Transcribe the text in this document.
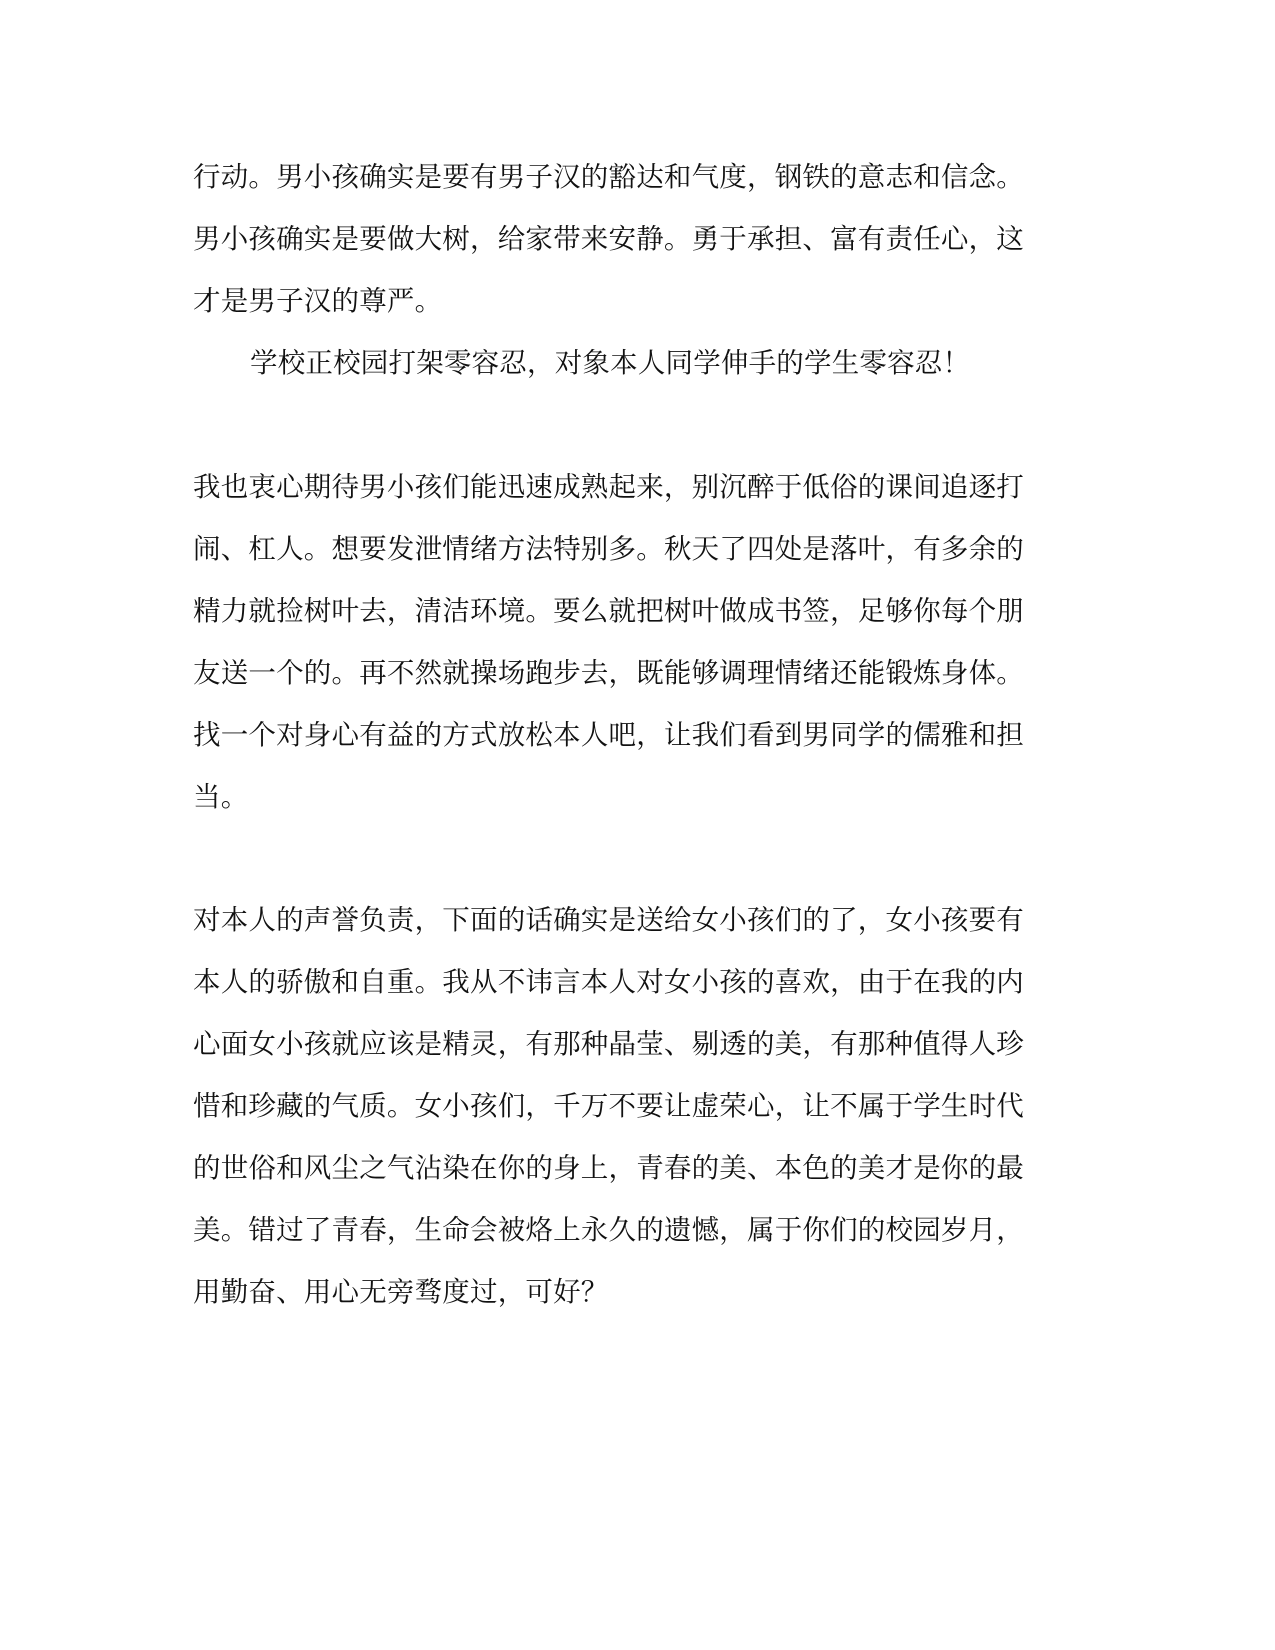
行动。男小孩确实是要有男子汉的豁达和气度，钢铁的意志和信念。
男小孩确实是要做大树，给家带来安静。勇于承担、富有责任心，这
才是男子汉的尊严。
学校正校园打架零容忍，对象本人同学伸手的学生零容忍！
我也衷心期待男小孩们能迅速成熟起来，别沉醉于低俗的课间追逐打
闹、杠人。想要发泄情绪方法特别多。秋天了四处是落叶，有多余的
精力就捡树叶去，清洁环境。要么就把树叶做成书签，足够你每个朋
友送一个的。再不然就操场跑步去，既能够调理情绪还能锻炼身体。
找一个对身心有益的方式放松本人吧，让我们看到男同学的儒雅和担
当。
对本人的声誉负责，下面的话确实是送给女小孩们的了，女小孩要有
本人的骄傲和自重。我从不讳言本人对女小孩的喜欢，由于在我的内
心面女小孩就应该是精灵，有那种晶莹、剔透的美，有那种值得人珍
惜和珍藏的气质。女小孩们，千万不要让虚荣心，让不属于学生时代
的世俗和风尘之气沾染在你的身上，青春的美、本色的美才是你的最
美。错过了青春，生命会被烙上永久的遗憾，属于你们的校园岁月，
用勤奋、用心无旁骛度过，可好？
